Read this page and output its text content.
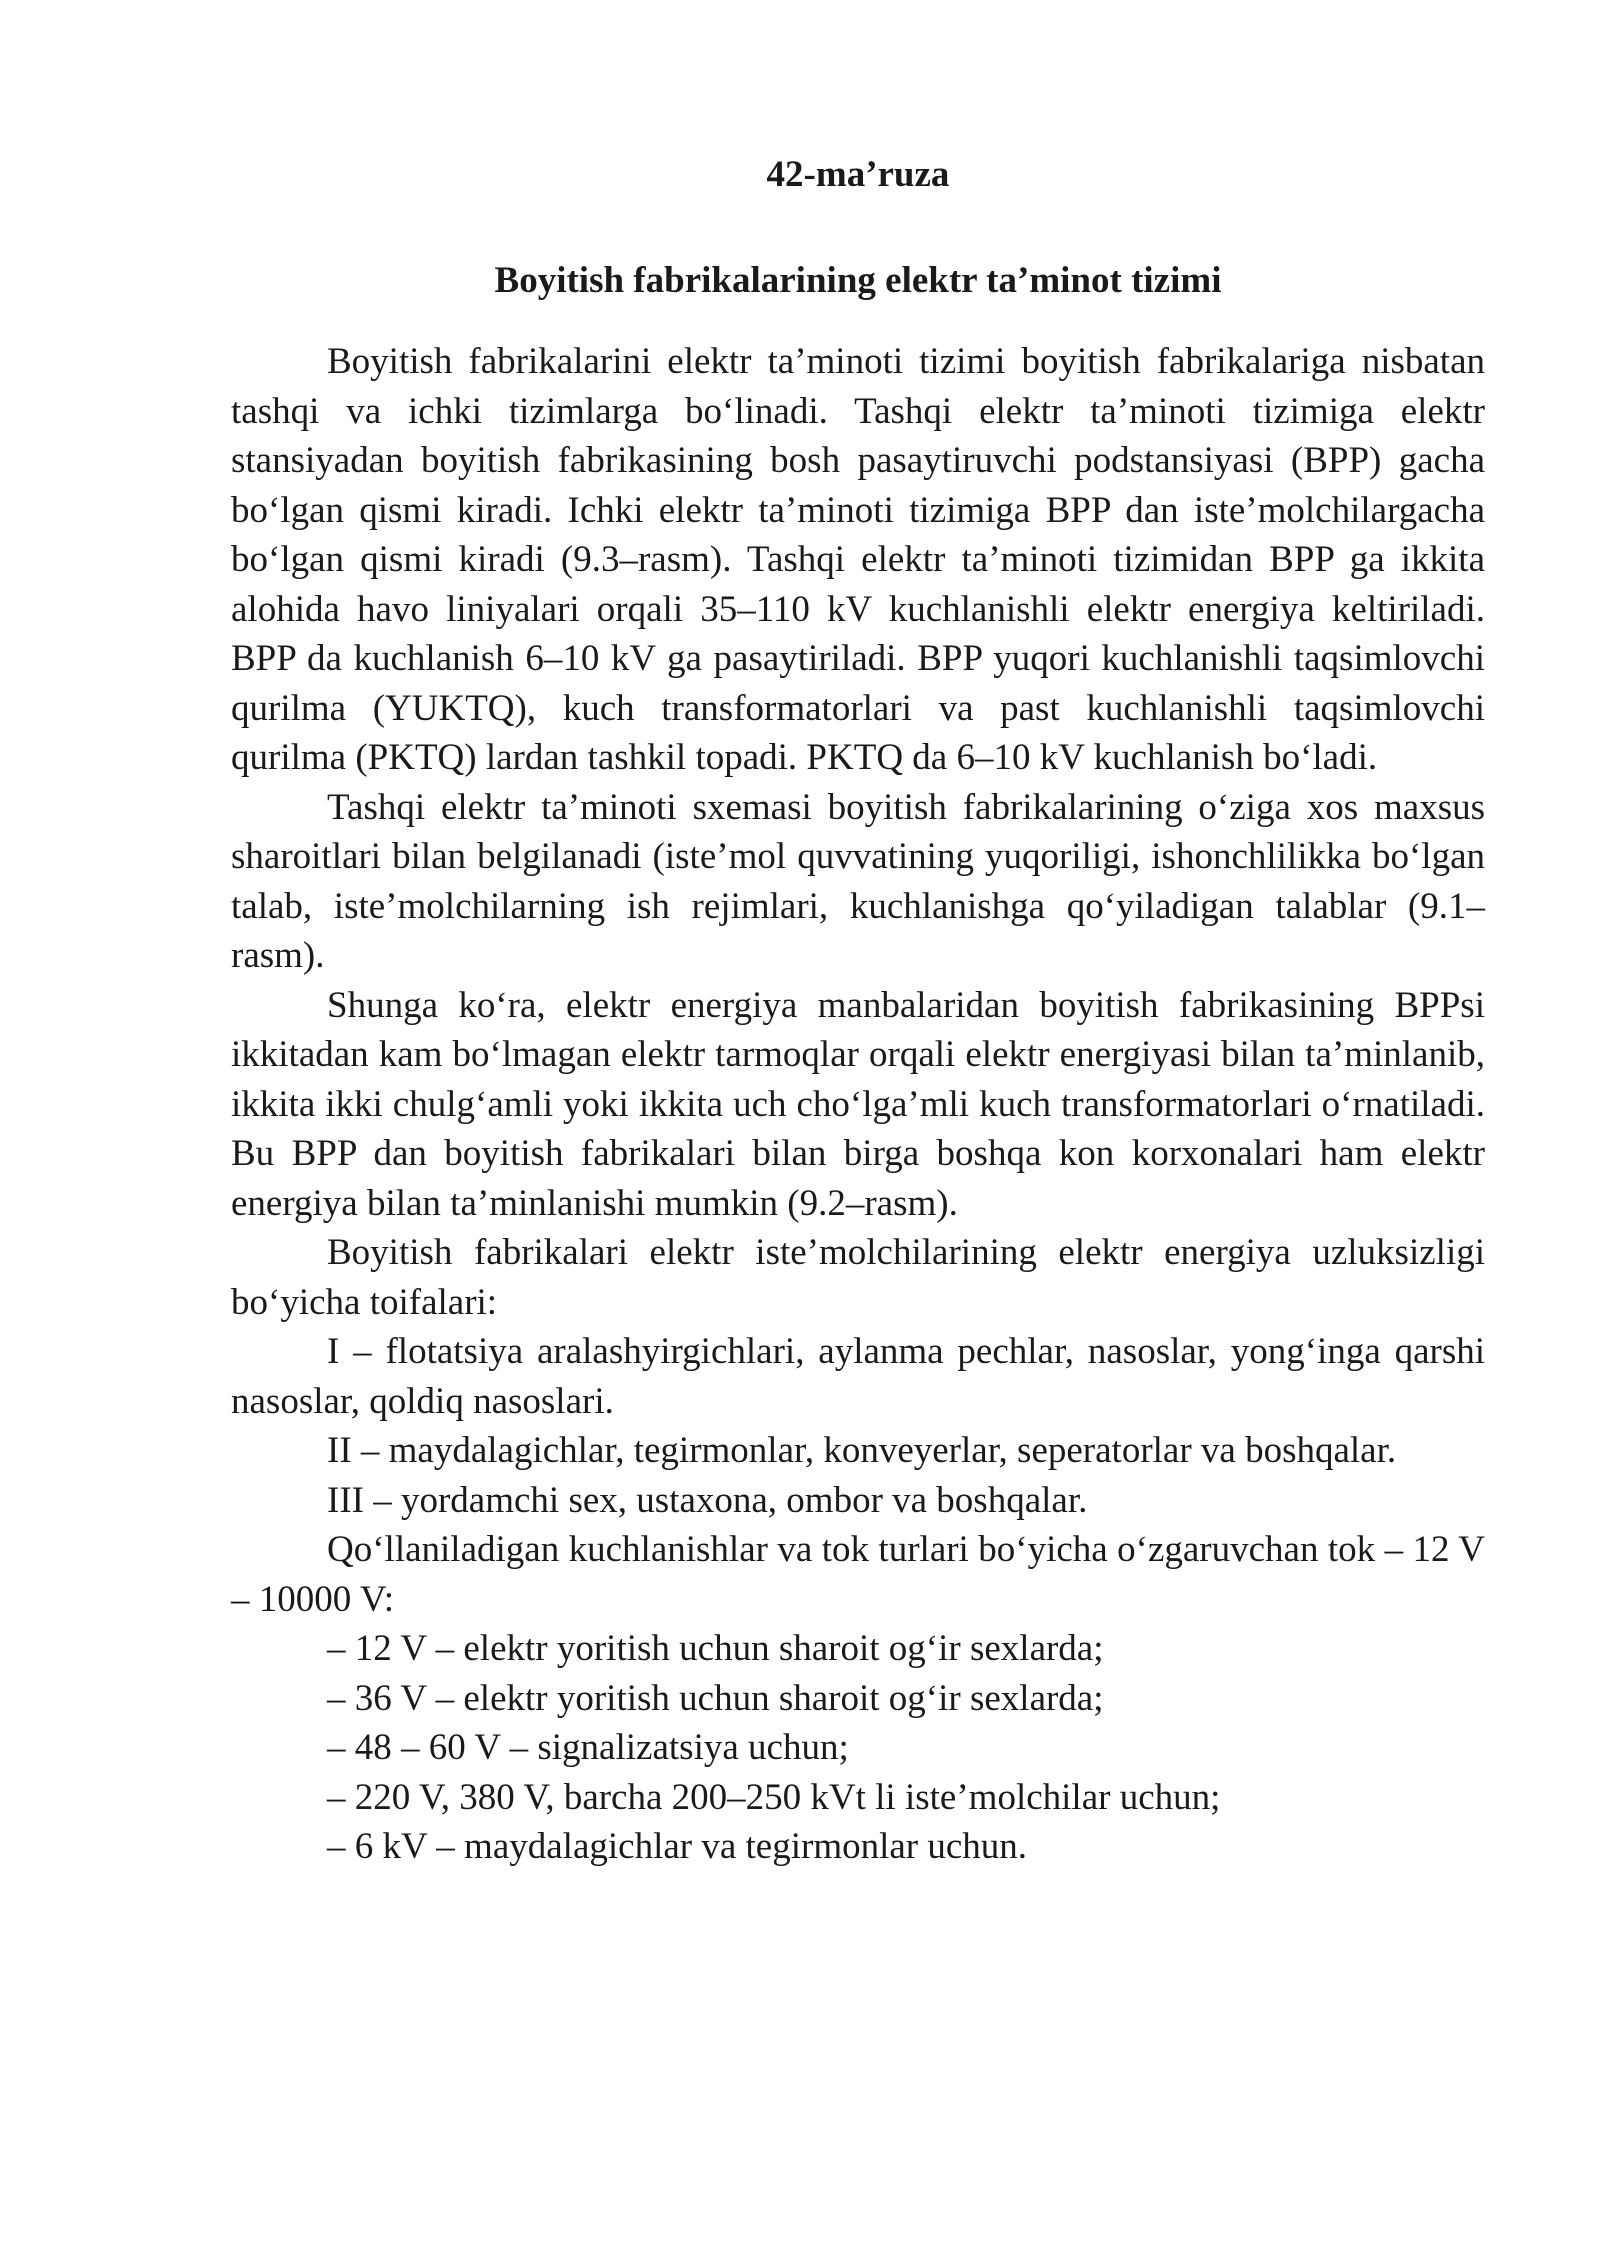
42-ma’ruza
Boyitish fabrikalarining elektr ta’minot tizimi

Boyitish fabrikalarini elektr ta’minoti tizimi boyitish fabrikalariga nisbatan tashqi va ichki tizimlarga bo‘linadi. Tashqi elektr ta’minoti tizimiga elektr stansiyadan boyitish fabrikasining bosh pasaytiruvchi podstansiyasi (BPP) gacha bo‘lgan qismi kiradi. Ichki elektr ta’minoti tizimiga BPP dan iste’molchilargacha bo‘lgan qismi kiradi (9.3–rasm). Tashqi elektr ta’minoti tizimidan BPP ga ikkita alohida havo liniyalari orqali 35–110 kV kuchlanishli elektr energiya keltiriladi. BPP da kuchlanish 6–10 kV ga pasaytiriladi. BPP yuqori kuchlanishli taqsimlovchi qurilma (YUKTQ), kuch transformatorlari va past kuchlanishli taqsimlovchi qurilma (PKTQ) lardan tashkil topadi. PKTQ da 6–10 kV kuchlanish bo‘ladi.

Tashqi elektr ta’minoti sxemasi boyitish fabrikalarining o‘ziga xos maxsus sharoitlari bilan belgilanadi (iste’mol quvvatining yuqoriligi, ishonchlilikka bo‘lgan talab, iste’molchilarning ish rejimlari, kuchlanishga qo‘yiladigan talablar (9.1–rasm).

Shunga ko‘ra, elektr energiya manbalaridan boyitish fabrikasining BPPsi ikkitadan kam bo‘lmagan elektr tarmoqlar orqali elektr energiyasi bilan ta’minlanib, ikkita ikki chulg‘amli yoki ikkita uch cho‘lga’mli kuch transformatorlari o‘rnatiladi. Bu BPP dan boyitish fabrikalari bilan birga boshqa kon korxonalari ham elektr energiya bilan ta’minlanishi mumkin (9.2–rasm).

Boyitish fabrikalari elektr iste’molchilarining elektr energiya uzluksizligi bo‘yicha toifalari:

I – flotatsiya aralashyirgichlari, aylanma pechlar, nasoslar, yong‘inga qarshi nasoslar, qoldiq nasoslari.

II – maydalagichlar, tegirmonlar, konveyerlar, seperatorlar va boshqalar.

III – yordamchi sex, ustaxona, ombor va boshqalar.

Qo‘llaniladigan kuchlanishlar va tok turlari bo‘yicha o‘zgaruvchan tok – 12 V – 10000 V:

– 12 V – elektr yoritish uchun sharoit og‘ir sexlarda;

– 36 V – elektr yoritish uchun sharoit og‘ir sexlarda;

– 48 – 60 V – signalizatsiya uchun;

– 220 V, 380 V, barcha 200–250 kVt li iste’molchilar uchun;

– 6 kV – maydalagichlar va tegirmonlar uchun.
